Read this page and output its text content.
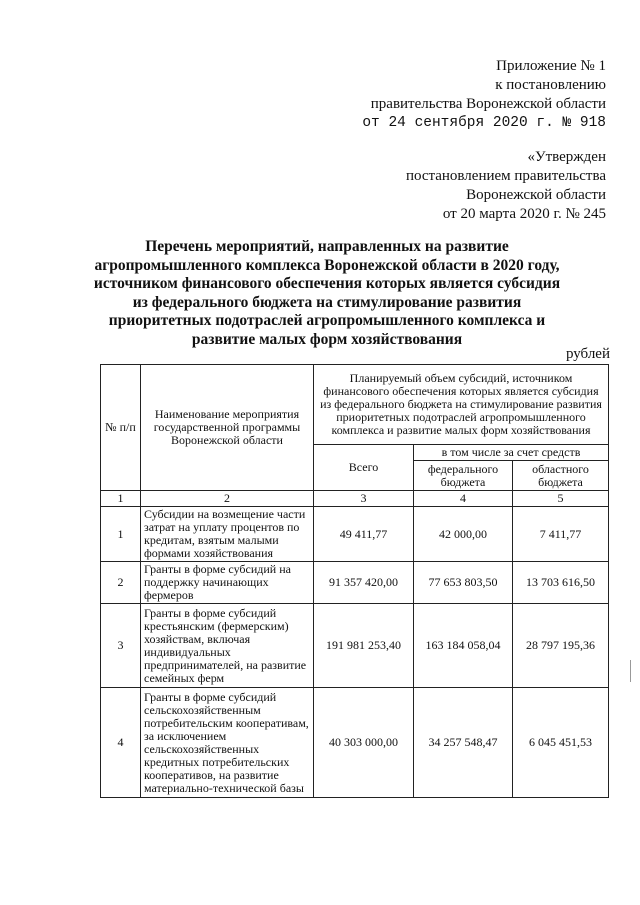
Приложение № 1
к постановлению
правительства Воронежской области
от 24 сентября 2020 г. № 918
«Утвержден
постановлением правительства
Воронежской области
от 20 марта 2020 г. № 245
Перечень мероприятий, направленных на развитие агропромышленного комплекса Воронежской области в 2020 году, источником финансового обеспечения которых является субсидия из федерального бюджета на стимулирование развития приоритетных подотраслей агропромышленного комплекса и развитие малых форм хозяйствования
рублей
№ п/п	Наименование мероприятия государственной программы Воронежской области	Планируемый объем субсидий, источником финансового обеспечения которых является субсидия из федерального бюджета на стимулирование развития приоритетных подотраслей агропромышленного комплекса и развитие малых форм хозяйствования		
		Всего	в том числе за счет средств	
			федерального бюджета	областного бюджета
1	2	3	4	5
1	Субсидии на возмещение части затрат на уплату процентов по кредитам, взятым малыми формами хозяйствования	49 411,77	42 000,00	7 411,77
2	Гранты в форме субсидий на поддержку начинающих фермеров	91 357 420,00	77 653 803,50	13 703 616,50
3	Гранты в форме субсидий крестьянским (фермерским) хозяйствам, включая индивидуальных предпринимателей, на развитие семейных ферм	191 981 253,40	163 184 058,04	28 797 195,36
4	Гранты в форме субсидий сельскохозяйственным потребительским кооперативам, за исключением сельскохозяйственных кредитных потребительских кооперативов, на развитие материально-технической базы	40 303 000,00	34 257 548,47	6 045 451,53
